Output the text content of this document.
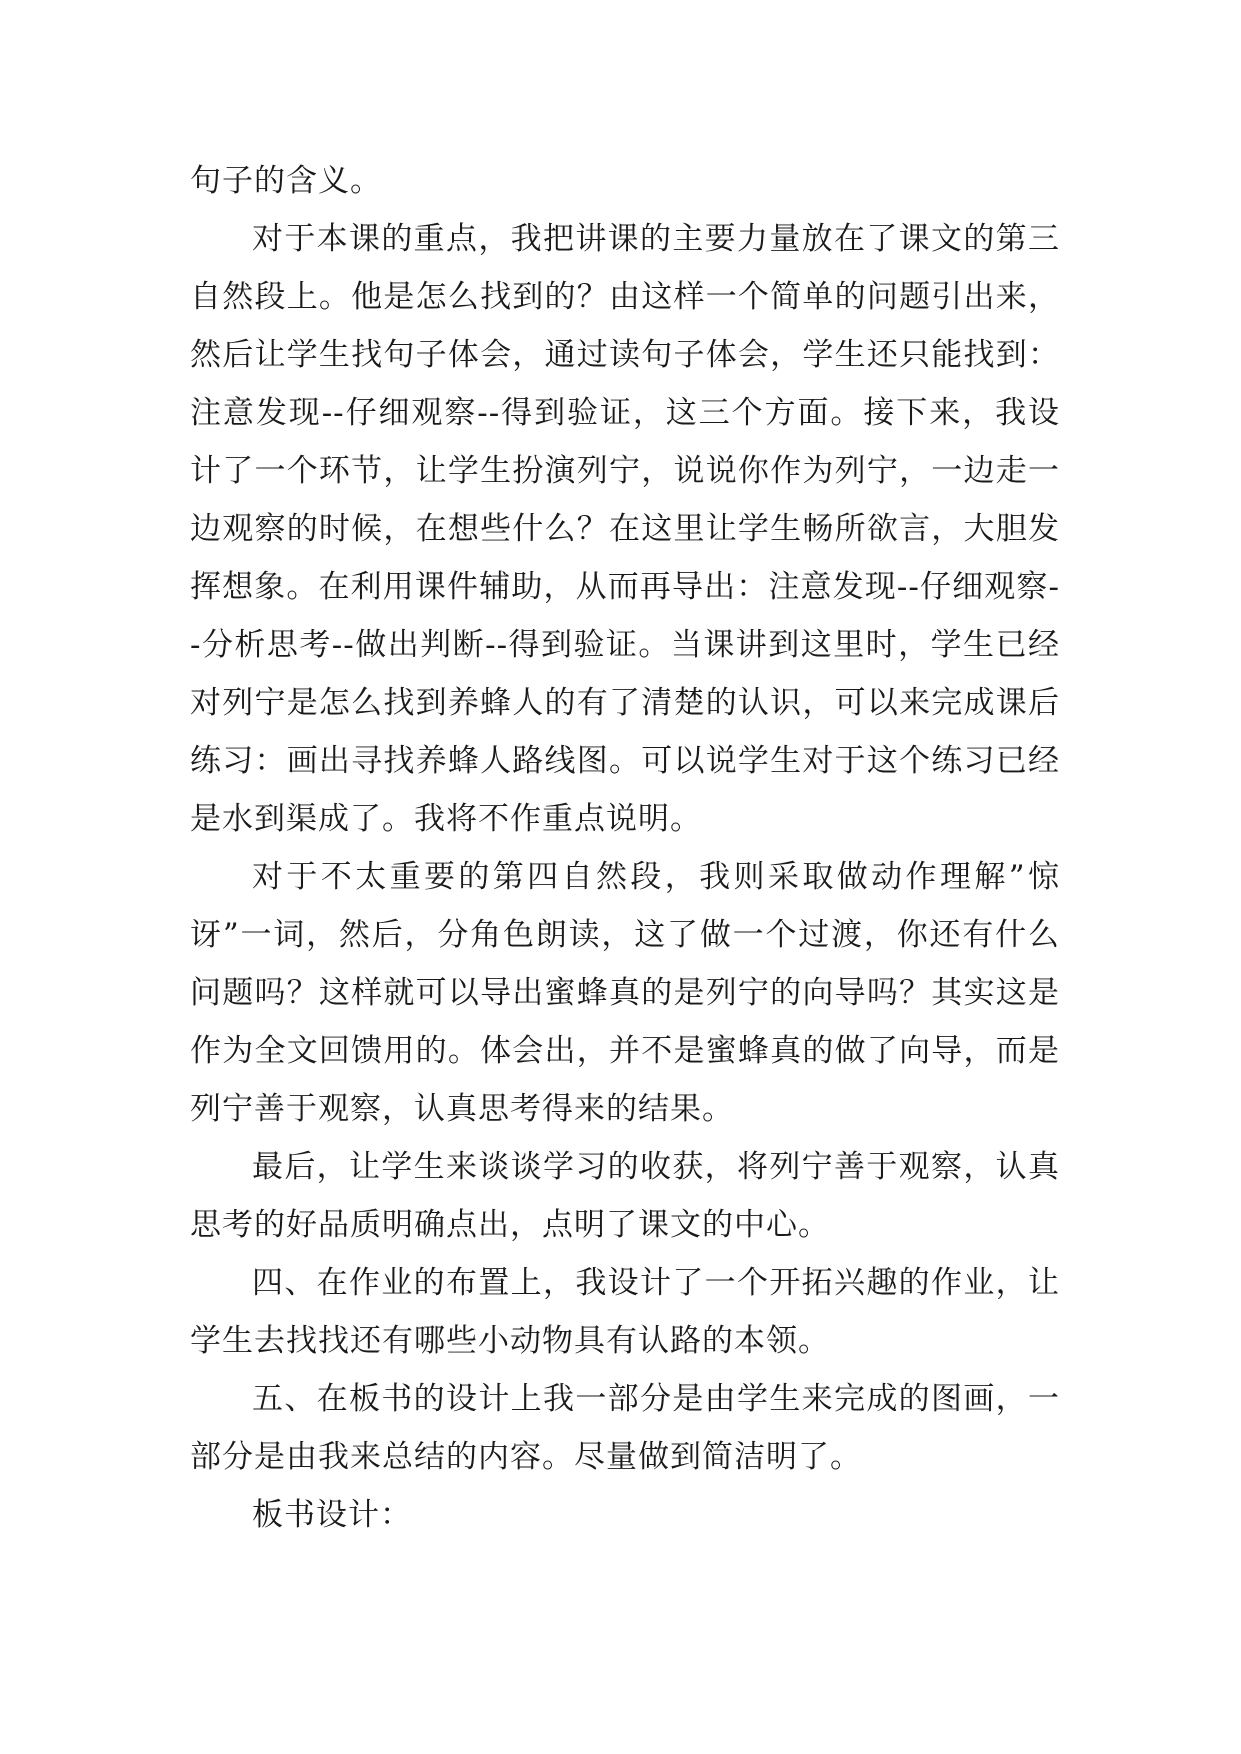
句子的含义。

对于本课的重点，我把讲课的主要力量放在了课文的第三自然段上。他是怎么找到的？由这样一个简单的问题引出来，然后让学生找句子体会，通过读句子体会，学生还只能找到：注意发现--仔细观察--得到验证，这三个方面。接下来，我设计了一个环节，让学生扮演列宁，说说你作为列宁，一边走一边观察的时候，在想些什么？在这里让学生畅所欲言，大胆发挥想象。在利用课件辅助，从而再导出：注意发现--仔细观察--分析思考--做出判断--得到验证。当课讲到这里时，学生已经对列宁是怎么找到养蜂人的有了清楚的认识，可以来完成课后练习：画出寻找养蜂人路线图。可以说学生对于这个练习已经是水到渠成了。我将不作重点说明。

对于不太重要的第四自然段，我则采取做动作理解”惊讶”一词，然后，分角色朗读，这了做一个过渡，你还有什么问题吗？这样就可以导出蜜蜂真的是列宁的向导吗？其实这是作为全文回馈用的。体会出，并不是蜜蜂真的做了向导，而是列宁善于观察，认真思考得来的结果。

最后，让学生来谈谈学习的收获，将列宁善于观察，认真思考的好品质明确点出，点明了课文的中心。

四、在作业的布置上，我设计了一个开拓兴趣的作业，让学生去找找还有哪些小动物具有认路的本领。

五、在板书的设计上我一部分是由学生来完成的图画，一部分是由我来总结的内容。尽量做到简洁明了。

板书设计：
